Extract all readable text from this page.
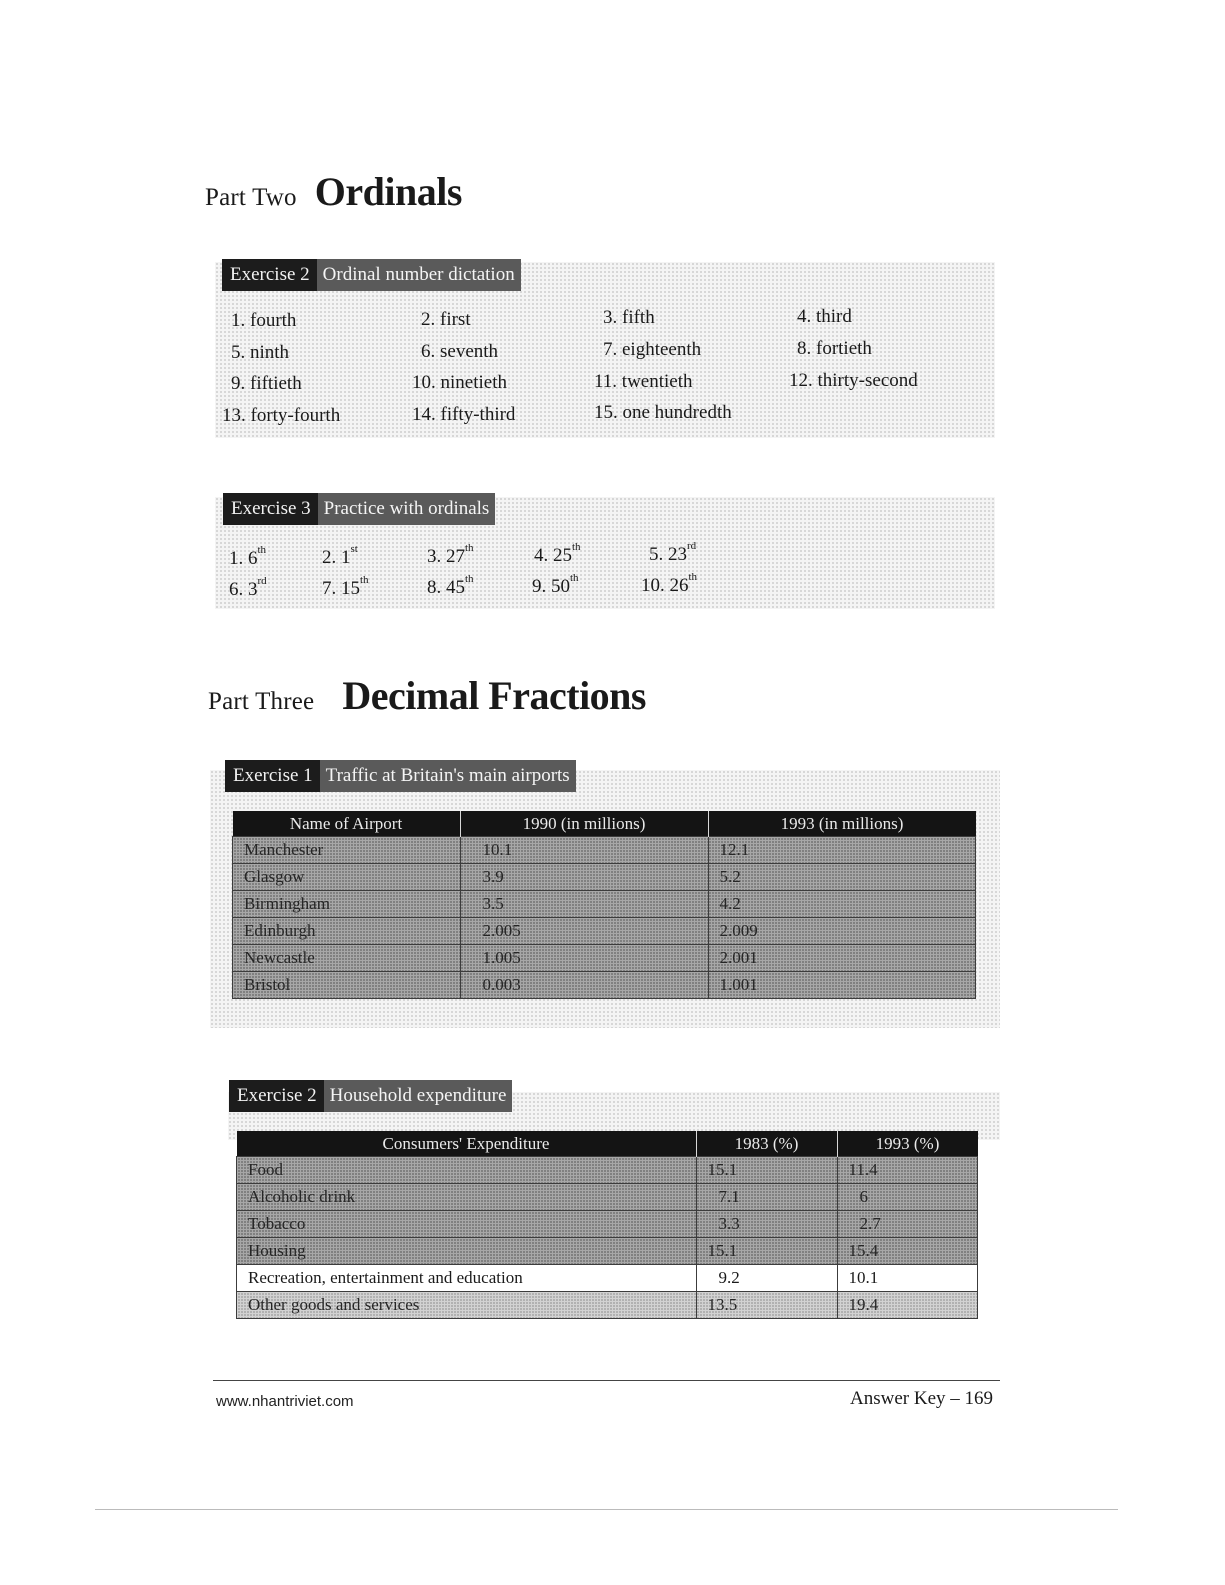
Part Two Ordinals
Exercise 2 Ordinal number dictation
1. fourth	2. first	3. fifth	4. third
5. ninth	6. seventh	7. eighteenth	8. fortieth
9. fiftieth	10. ninetieth	11. twentieth	12. thirty-second
13. forty-fourth	14. fifty-third	15. one hundredth
Exercise 3 Practice with ordinals
1. 6th	2. 1st	3. 27th	4. 25th	5. 23rd
6. 3rd	7. 15th	8. 45th	9. 50th	10. 26th
Part Three Decimal Fractions
Exercise 1 Traffic at Britain's main airports
Name of Airport	1990 (in millions)	1993 (in millions)
Manchester	10.1	12.1
Glasgow	3.9	5.2
Birmingham	3.5	4.2
Edinburgh	2.005	2.009
Newcastle	1.005	2.001
Bristol	0.003	1.001
Exercise 2 Household expenditure
Consumers' Expenditure	1983 (%)	1993 (%)
Food	15.1	11.4
Alcoholic drink	7.1	6
Tobacco	3.3	2.7
Housing	15.1	15.4
Recreation, entertainment and education	9.2	10.1
Other goods and services	13.5	19.4
www.nhantriviet.com	Answer Key – 169
